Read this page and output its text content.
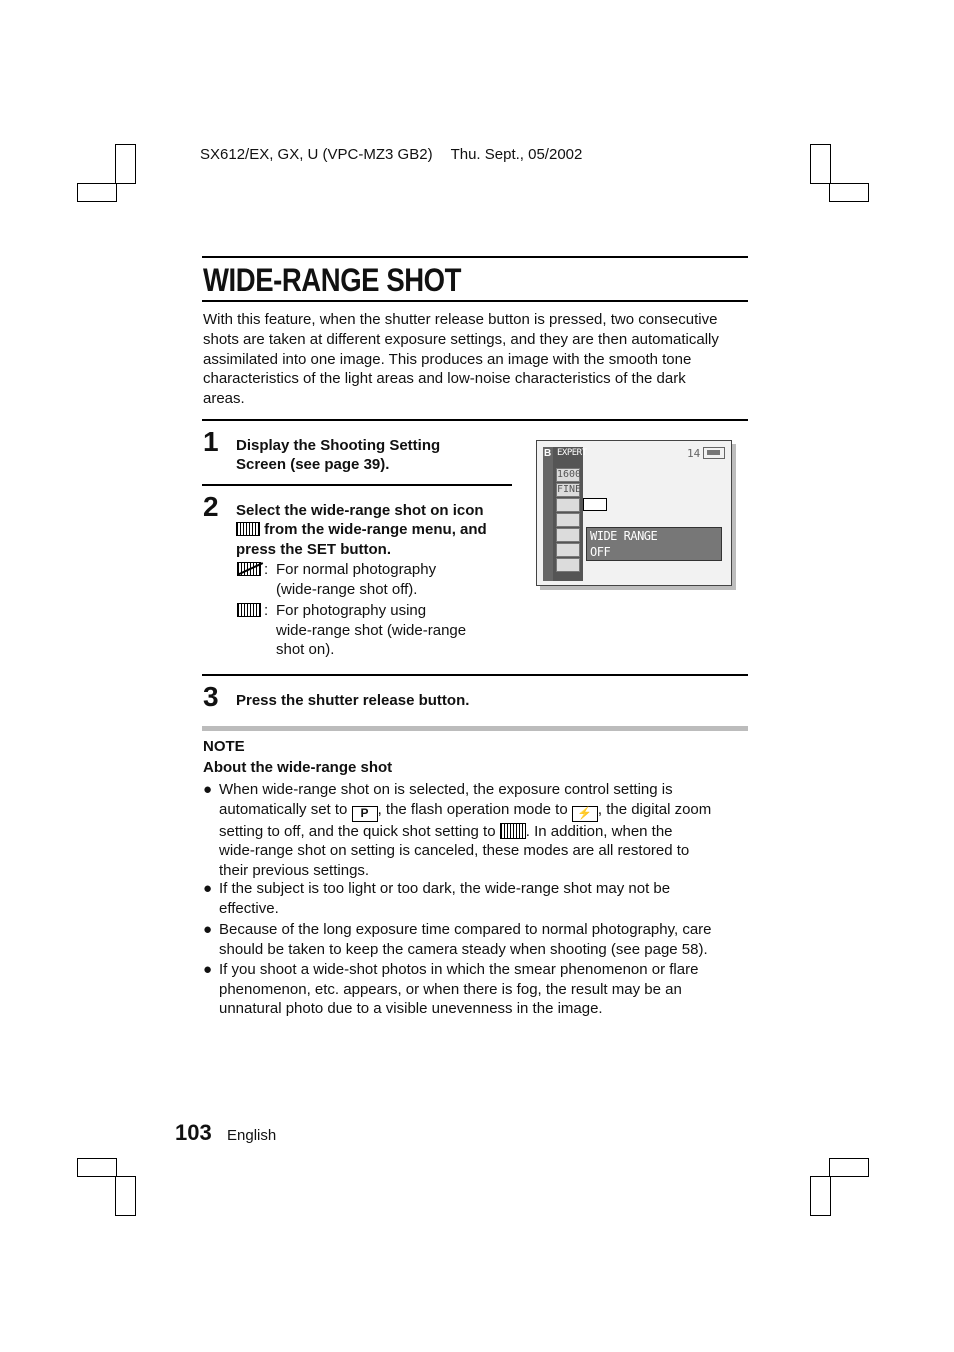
SX612/EX, GX, U (VPC-MZ3 GB2) Thu. Sept., 05/2002
WIDE-RANGE SHOT
With this feature, when the shutter release button is pressed, two consecutive
shots are taken at different exposure settings, and they are then automatically
assimilated into one image. This produces an image with the smooth tone
characteristics of the light areas and low-noise characteristics of the dark
areas.
1 Display the Shooting Setting
Screen (see page 39).
2 Select the wide-range shot on icon
from the wide-range menu, and
press the SET button.
: For normal photography
(wide-range shot off).
: For photography using
wide-range shot (wide-range
shot on).
B EXPERT
1600
FINE
14
WIDE RANGE
OFF
3 Press the shutter release button.
NOTE
About the wide-range shot
● When wide-range shot on is selected, the exposure control setting is
automatically set to P , the flash operation mode to ⚡ , the digital zoom
setting to off, and the quick shot setting to . In addition, when the
wide-range shot on setting is canceled, these modes are all restored to
their previous settings.
● If the subject is too light or too dark, the wide-range shot may not be
effective.
● Because of the long exposure time compared to normal photography, care
should be taken to keep the camera steady when shooting (see page 58).
● If you shoot a wide-shot photos in which the smear phenomenon or flare
phenomenon, etc. appears, or when there is fog, the result may be an
unnatural photo due to a visible unevenness in the image.
103 English
